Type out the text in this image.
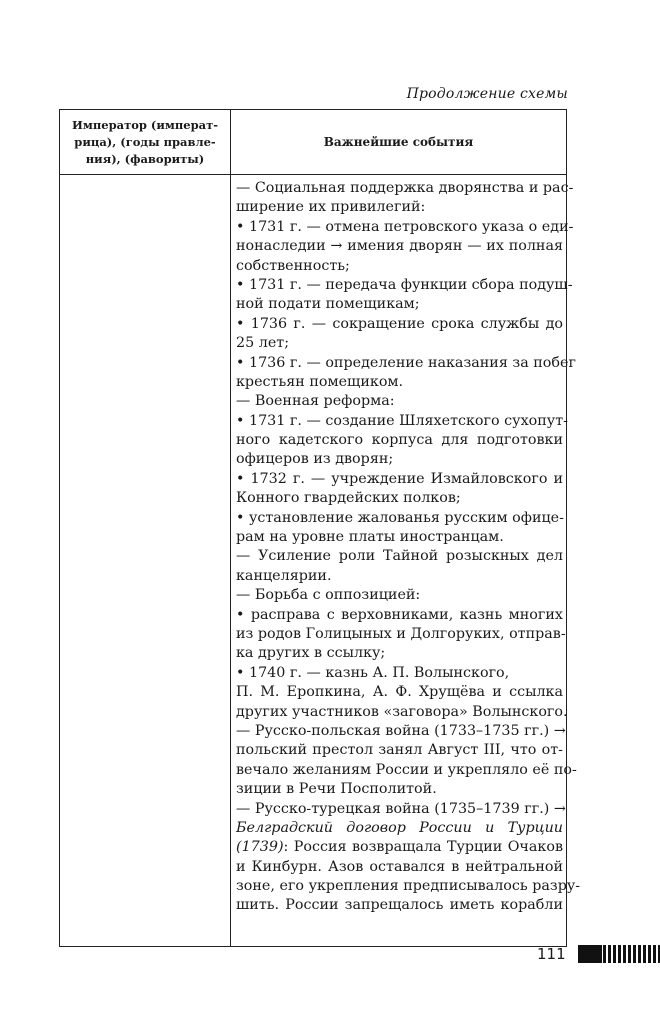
Продолжение схемы
Император (императ-
рица), (годы правле-
ния), (фавориты)
Важнейшие события
— Социальная поддержка дворянства и рас-
ширение их привилегий:
• 1731 г. — отмена петровского указа о еди-
нонаследии → имения дворян — их полная
собственность;
• 1731 г. — передача функции сбора подуш-
ной подати помещикам;
• 1736 г. — сокращение срока службы до
25 лет;
• 1736 г. — определение наказания за побег
крестьян помещиком.
— Военная реформа:
• 1731 г. — создание Шляхетского сухопут-
ного кадетского корпуса для подготовки
офицеров из дворян;
• 1732 г. — учреждение Измайловского и
Конного гвардейских полков;
• установление жалованья русским офице-
рам на уровне платы иностранцам.
— Усиление роли Тайной розыскных дел
канцелярии.
— Борьба с оппозицией:
• расправа с верховниками, казнь многих
из родов Голицыных и Долгоруких, отправ-
ка других в ссылку;
• 1740 г. — казнь А. П. Волынского,
П. М. Еропкина, А. Ф. Хрущёва и ссылка
других участников «заговора» Волынского.
— Русско-польская война (1733–1735 гг.) →
польский престол занял Август III, что от-
вечало желаниям России и укрепляло её по-
зиции в Речи Посполитой.
— Русско-турецкая война (1735–1739 гг.) →
Белградский договор России и Турции
(1739): Россия возвращала Турции Очаков
и Кинбурн. Азов оставался в нейтральной
зоне, его укрепления предписывалось разру-
шить. России запрещалось иметь корабли
111
